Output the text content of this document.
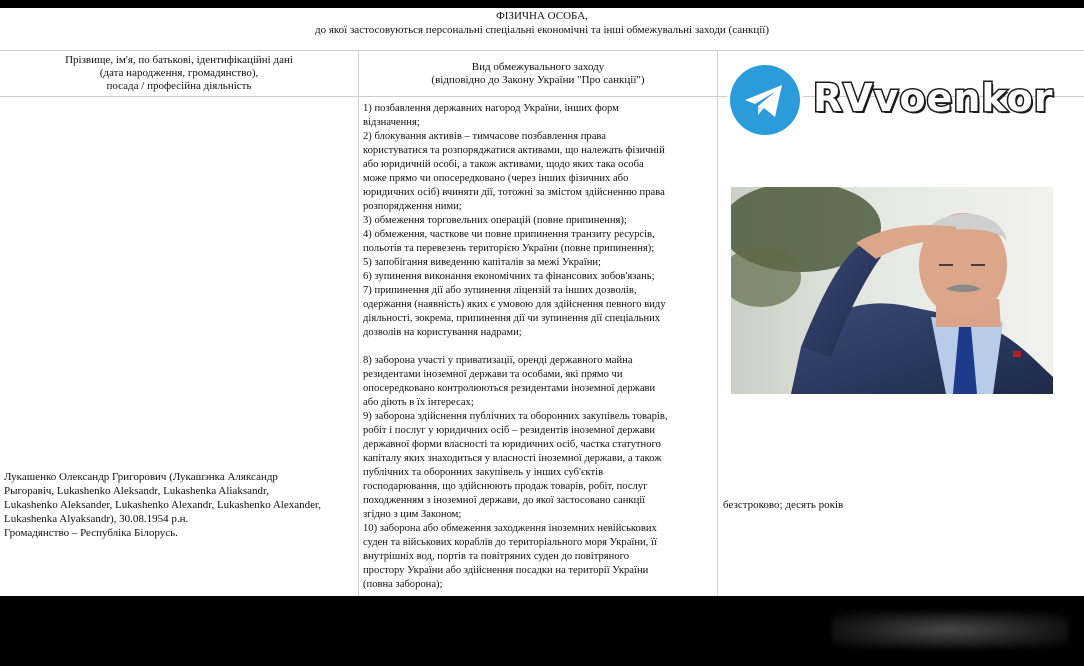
ФІЗИЧНА ОСОБА,
до якої застосовуються персональні спеціальні економічні та інші обмежувальні заходи (санкції)
Прізвище, ім'я, по батькові, ідентифікаційні дані
(дата народження, громадянство),
посада / професійна діяльність
Вид обмежувального заходу
(відповідно до Закону України "Про санкції")
Лукашенко Олександр Григорович (Лукашэнка Аляксандр
Рыгоравіч, Lukashenko Aleksandr, Lukashenka Aliaksandr,
Lukashenko Aleksander, Lukashenko Alexandr, Lukashenko Alexander,
Lukashenka Alyaksandr), 30.08.1954 р.н.
Громадянство – Республіка Білорусь.
1) позбавлення державних нагород України, інших форм
відзначення;
2) блокування активів – тимчасове позбавлення права
користуватися та розпоряджатися активами, що належать фізичній
або юридичній особі, а також активами, щодо яких така особа
може прямо чи опосередковано (через інших фізичних або
юридичних осіб) вчиняти дії, тотожні за змістом здійсненню права
розпорядження ними;
3) обмеження торговельних операцій (повне припинення);
4) обмеження, часткове чи повне припинення транзиту ресурсів,
польотів та перевезень територією України (повне припинення);
5) запобігання виведенню капіталів за межі України;
6) зупинення виконання економічних та фінансових зобов'язань;
7) припинення дії або зупинення ліцензій та інших дозволів,
одержання (наявність) яких є умовою для здійснення певного виду
діяльності, зокрема, припинення дії чи зупинення дії спеціальних
дозволів на користування надрами;
8) заборона участі у приватизації, оренді державного майна
резидентами іноземної держави та особами, які прямо чи
опосередковано контролюються резидентами іноземної держави
або діють в їх інтересах;
9) заборона здійснення публічних та оборонних закупівель товарів,
робіт і послуг у юридичних осіб – резидентів іноземної держави
державної форми власності та юридичних осіб, частка статутного
капіталу яких знаходиться у власності іноземної держави, а також
публічних та оборонних закупівель у інших суб'єктів
господарювання, що здійснюють продаж товарів, робіт, послуг
походженням з іноземної держави, до якої застосовано санкції
згідно з цим Законом;
10) заборона або обмеження заходження іноземних невійськових
суден та військових кораблів до територіального моря України, її
внутрішніх вод, портів та повітряних суден до повітряного
простору України або здійснення посадки на території України
(повна заборона);
безстроково; десять років
RVvoenkor
